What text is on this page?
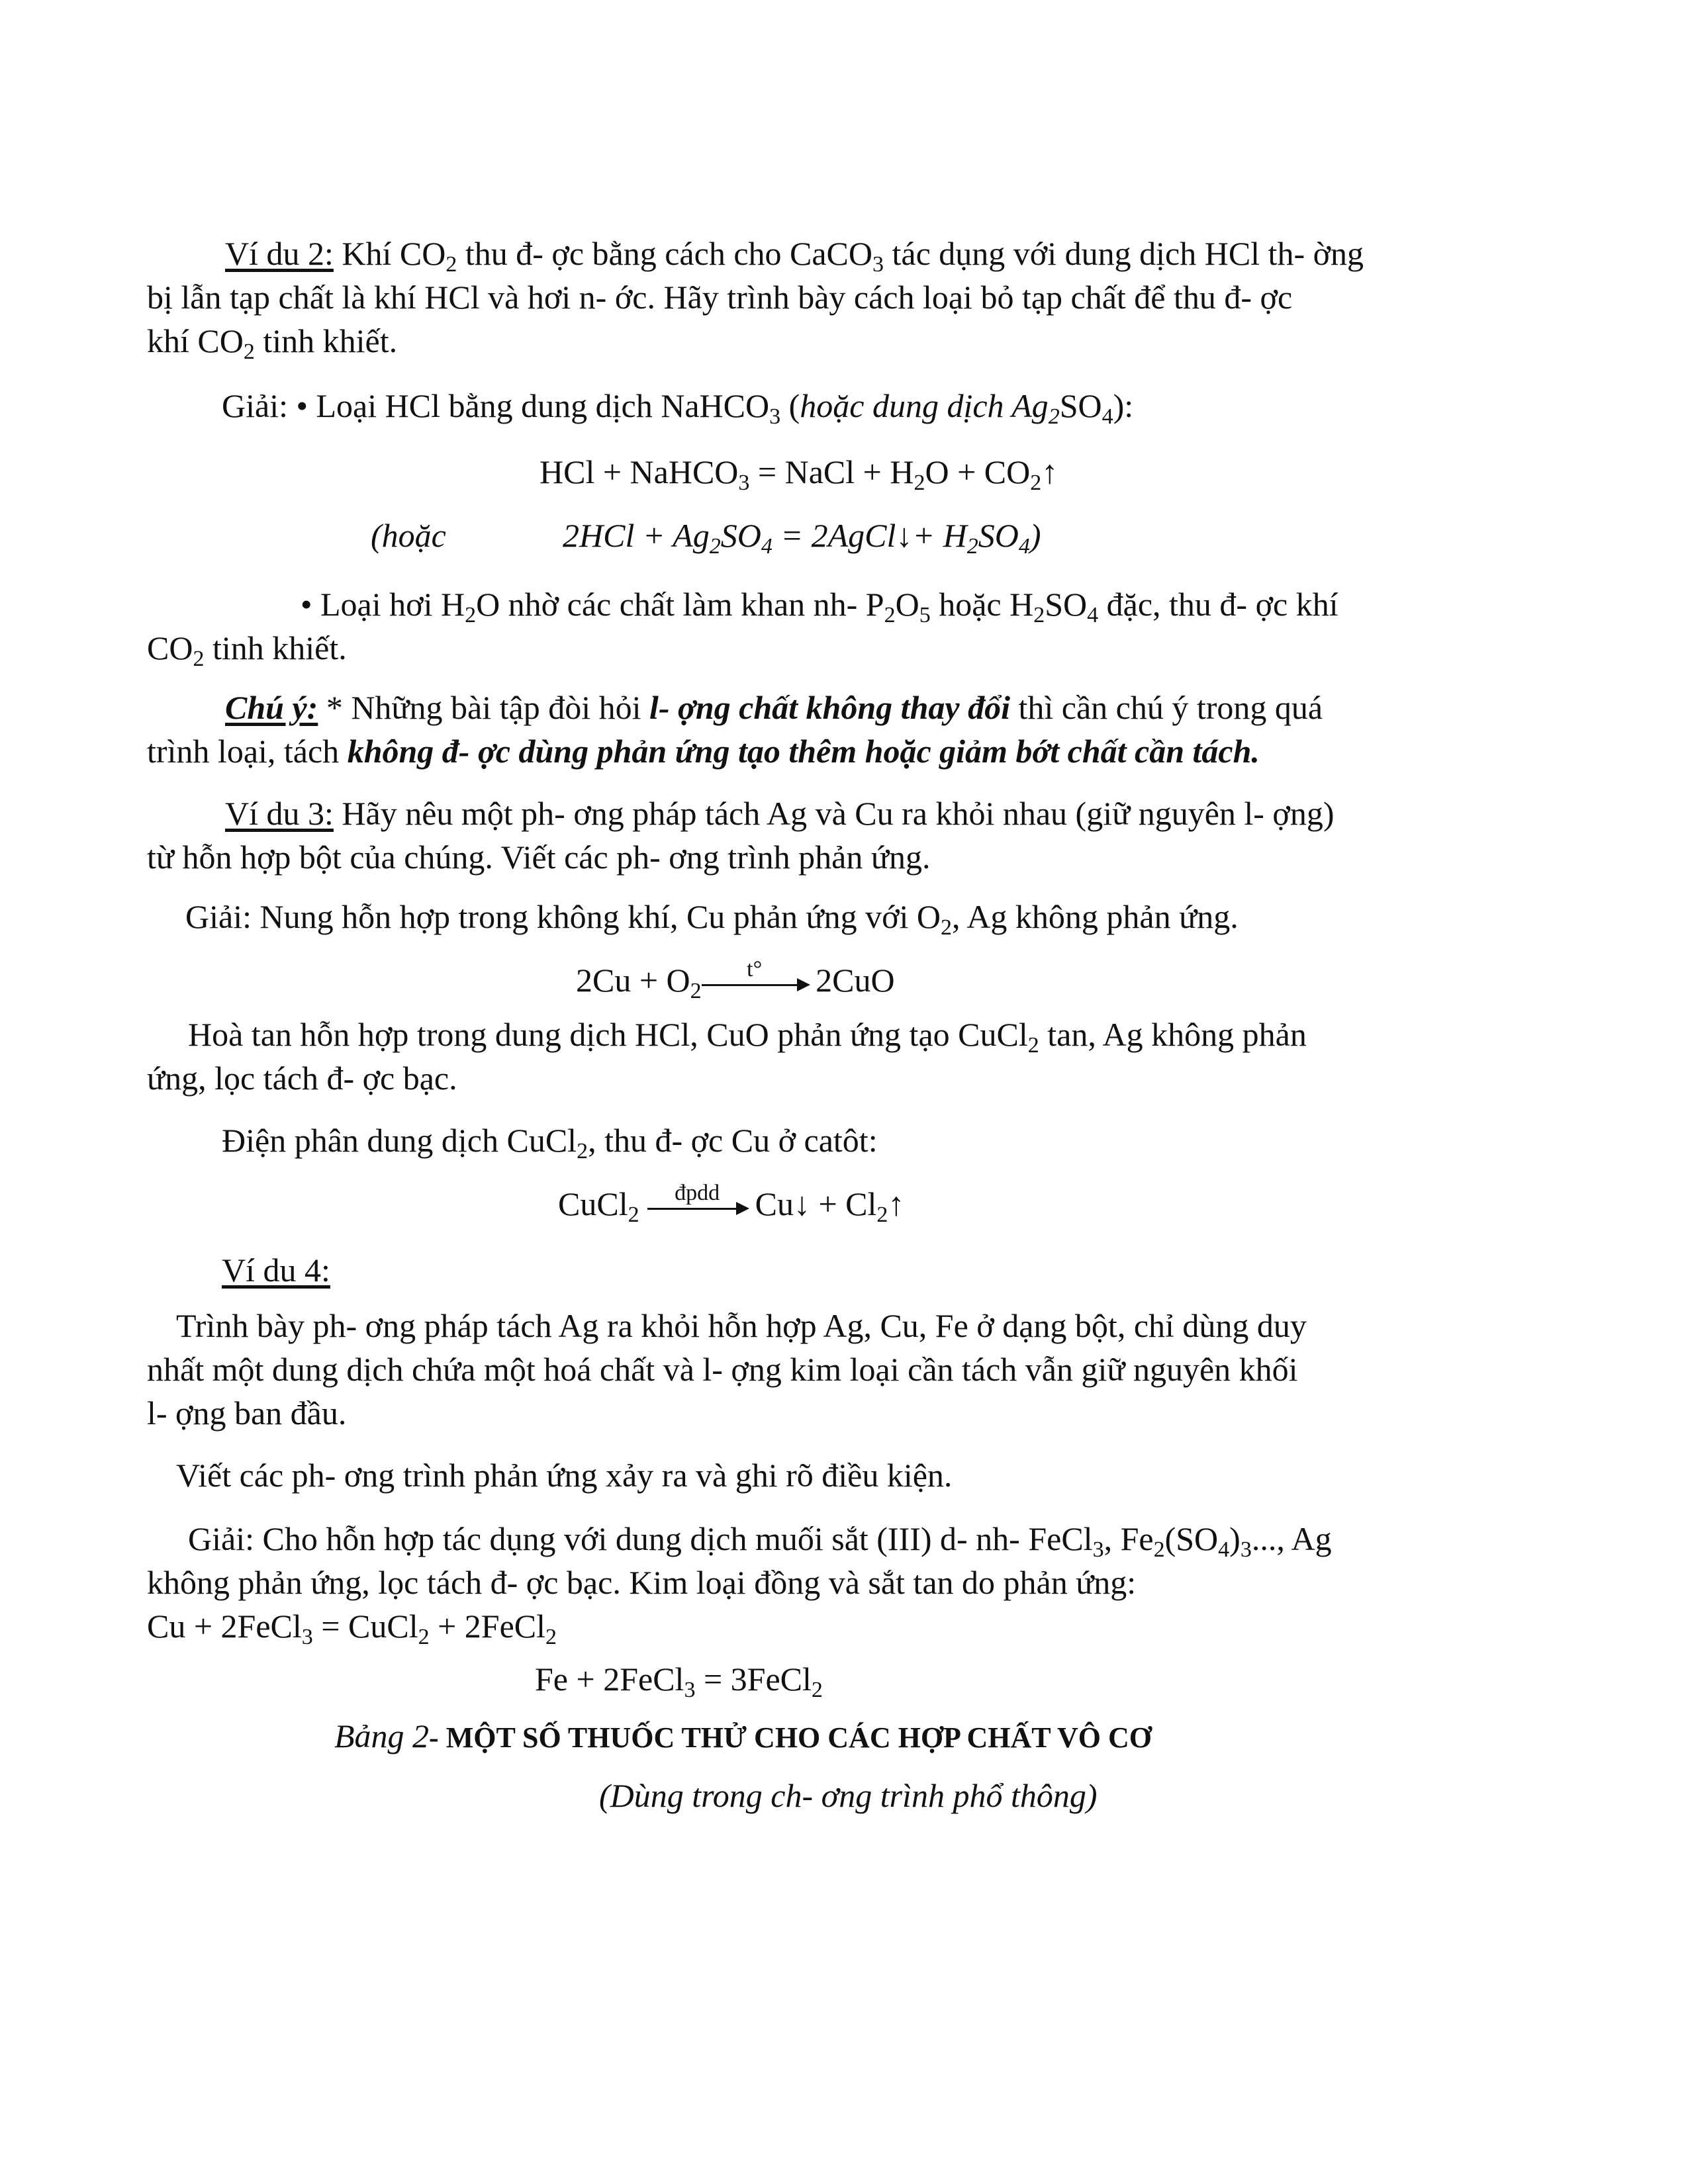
Ví du 2: Khí $CO_2$ thu đ- ợc bằng cách cho CaCO$_3$ tác dụng với dung dịch HCl th- ờng
bị lẫn tạp chất là khí HCl và hơi n- ớc. Hãy trình bày cách loại bỏ tạp chất để thu đ- ợc
khí $CO_2$ tinh khiết.

Giải: • Loại HCl bằng dung dịch NaHCO$_3$ (hoặc dung dịch $Ag_2SO_4$):

HCl + NaHCO$_3$ = NaCl + $H_2O$ + $CO_2↑$

(hoặc	$2HCl + Ag_2SO_4$ = 2AgCl↓+ $H_2SO_4$)

• Loại hơi $H_2O$ nhờ các chất làm khan nh- $P_2O_5$ hoặc $H_2SO_4$ đặc, thu đ- ợc khí
$CO_2$ tinh khiết.

Chú ý: * Những bài tập đòi hỏi l- ợng chất không thay đổi thì cần chú ý trong quá
trình loại, tách không đ- ợc dùng phản ứng tạo thêm hoặc giảm bớt chất cần tách.

Ví du 3: Hãy nêu một ph- ơng pháp tách Ag và Cu ra khỏi nhau (giữ nguyên l- ợng)
từ hỗn hợp bột của chúng. Viết các ph- ơng trình phản ứng.

Giải: Nung hỗn hợp trong không khí, Cu phản ứng với $O_2$, Ag không phản ứng.

$2Cu + O_2$
t°	2CuO

Hoà tan hỗn hợp trong dung dịch HCl, CuO phản ứng tạo CuCl$_2$ tan, Ag không phản
ứng, lọc tách đ- ợc bạc.

Điện phân dung dịch CuCl$_2$, thu đ- ợc Cu ở catôt:

CuCl$_2$
đpdd	Cu↓ + $Cl_2↑$

Ví du 4:

Trình bày ph- ơng pháp tách Ag ra khỏi hỗn hợp Ag, Cu, Fe ở dạng bột, chỉ dùng duy
nhất một dung dịch chứa một hoá chất và l- ợng kim loại cần tách vẫn giữ nguyên khối
l- ợng ban đầu.

Viết các ph- ơng trình phản ứng xảy ra và ghi rõ điều kiện.

Giải: Cho hỗn hợp tác dụng với dung dịch muối sắt (III) d- nh- FeCl$_3$, $Fe_2(SO_4)_3$..., Ag
không phản ứng, lọc tách đ- ợc bạc. Kim loại đồng và sắt tan do phản ứng:
Cu + 2FeCl$_3$ = CuCl$_2$ + 2FeCl$_2$

Fe + 2FeCl$_3$ = 3FeCl$_2$

Bảng 2- MỘT SỐ THUỐC THỬ CHO CÁC HỢP CHẤT VÔ CƠ

(Dùng trong ch- ơng trình phổ thông)
